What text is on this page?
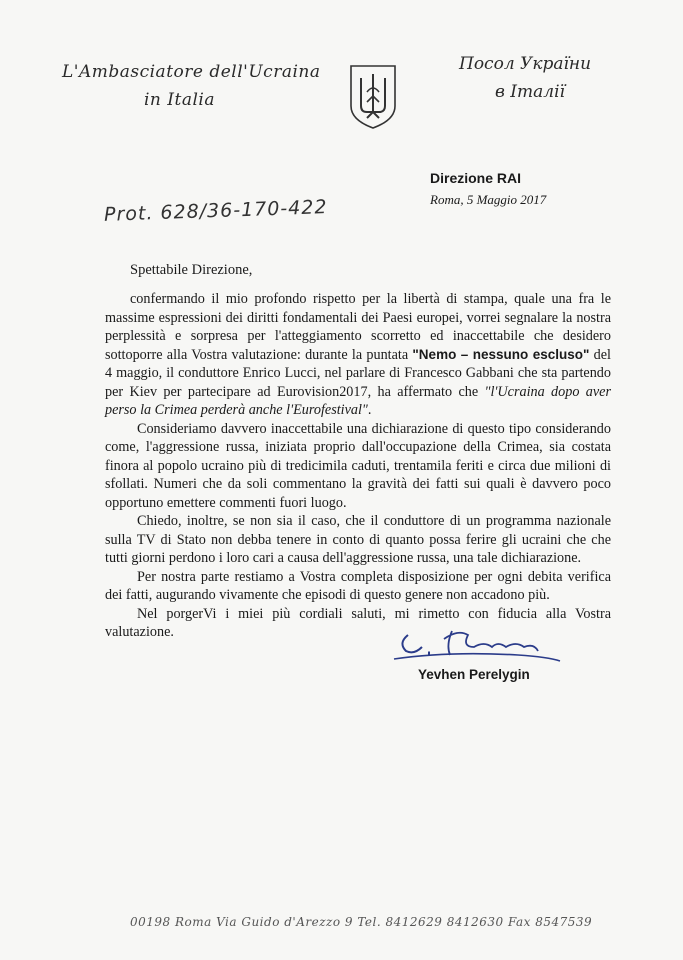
L'Ambasciatore dell'Ucraina
in Italia
Посол України
в Італії
Direzione RAI
Roma, 5 Maggio 2017
Prot. 628/36-170-422
Spettabile Direzione,

confermando il mio profondo rispetto per la libertà di stampa, quale una fra le massime espressioni dei diritti fondamentali dei Paesi europei, vorrei segnalare la nostra perplessità e sorpresa per l'atteggiamento scorretto ed inaccettabile che desidero sottoporre alla Vostra valutazione: durante la puntata "Nemo – nessuno escluso" del 4 maggio, il conduttore Enrico Lucci, nel parlare di Francesco Gabbani che sta partendo per Kiev per partecipare ad Eurovision2017, ha affermato che "l'Ucraina dopo aver perso la Crimea perderà anche l'Eurofestival".

Consideriamo davvero inaccettabile una dichiarazione di questo tipo considerando come, l'aggressione russa, iniziata proprio dall'occupazione della Crimea, sia costata finora al popolo ucraino più di tredicimila caduti, trentamila feriti e circa due milioni di sfollati. Numeri che da soli commentano la gravità dei fatti sui quali è davvero poco opportuno emettere commenti fuori luogo.

Chiedo, inoltre, se non sia il caso, che il conduttore di un programma nazionale sulla TV di Stato non debba tenere in conto di quanto possa ferire gli ucraini che che tutti giorni perdono i loro cari a causa dell'aggressione russa, una tale dichiarazione.

Per nostra parte restiamo a Vostra completa disposizione per ogni debita verifica dei fatti, augurando vivamente che episodi di questo genere non accadono più.

Nel porgerVi i miei più cordiali saluti, mi rimetto con fiducia alla Vostra valutazione.

Yevhen Perelygin
00198 Roma Via Guido d'Arezzo 9 Tel. 8412629 8412630 Fax 8547539
